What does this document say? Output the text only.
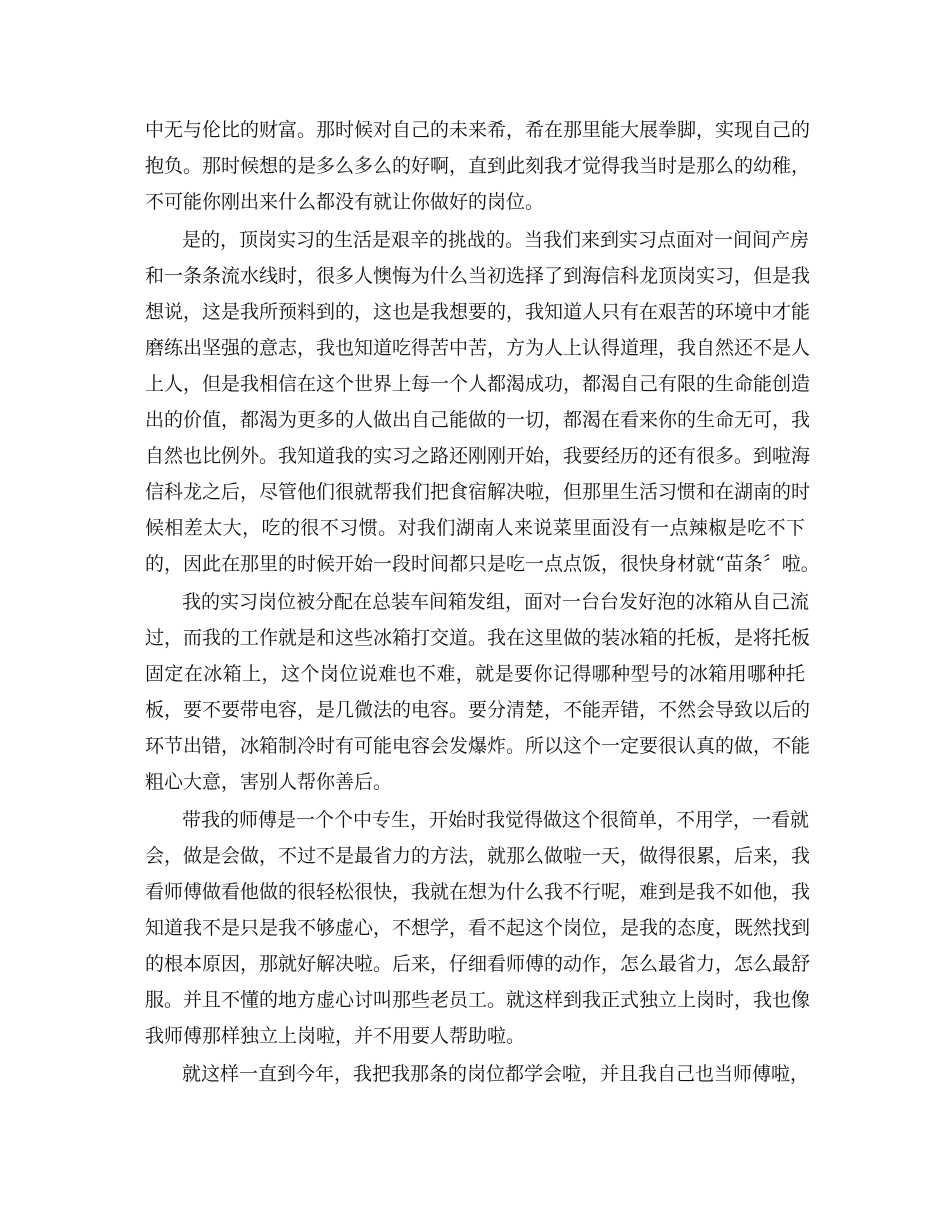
中无与伦比的财富。那时候对自己的未来希，希在那里能大展拳脚，实现自己的

抱负。那时候想的是多么多么的好啊，直到此刻我才觉得我当时是那么的幼稚，

不可能你刚出来什么都没有就让你做好的岗位。

是的，顶岗实习的生活是艰辛的挑战的。当我们来到实习点面对一间间产房

和一条条流水线时，很多人懊悔为什么当初选择了到海信科龙顶岗实习，但是我

想说，这是我所预料到的，这也是我想要的，我知道人只有在艰苦的环境中才能

磨练出坚强的意志，我也知道吃得苦中苦，方为人上认得道理，我自然还不是人

上人，但是我相信在这个世界上每一个人都渴成功，都渴自己有限的生命能创造

出的价值，都渴为更多的人做出自己能做的一切，都渴在看来你的生命无可，我

自然也比例外。我知道我的实习之路还刚刚开始，我要经历的还有很多。到啦海

信科龙之后，尽管他们很就帮我们把食宿解决啦，但那里生活习惯和在湖南的时

候相差太大，吃的很不习惯。对我们湖南人来说菜里面没有一点辣椒是吃不下

的，因此在那里的时候开始一段时间都只是吃一点点饭，很快身材就“苗条〞啦。

我的实习岗位被分配在总装车间箱发组，面对一台台发好泡的冰箱从自己流

过，而我的工作就是和这些冰箱打交道。我在这里做的装冰箱的托板，是将托板

固定在冰箱上，这个岗位说难也不难，就是要你记得哪种型号的冰箱用哪种托

板，要不要带电容，是几微法的电容。要分清楚，不能弄错，不然会导致以后的

环节出错，冰箱制冷时有可能电容会发爆炸。所以这个一定要很认真的做，不能

粗心大意，害别人帮你善后。

带我的师傅是一个个中专生，开始时我觉得做这个很简单，不用学，一看就

会，做是会做，不过不是最省力的方法，就那么做啦一天，做得很累，后来，我

看师傅做看他做的很轻松很快，我就在想为什么我不行呢，难到是我不如他，我

知道我不是只是我不够虚心，不想学，看不起这个岗位，是我的态度，既然找到

的根本原因，那就好解决啦。后来，仔细看师傅的动作，怎么最省力，怎么最舒

服。并且不懂的地方虚心讨叫那些老员工。就这样到我正式独立上岗时，我也像

我师傅那样独立上岗啦，并不用要人帮助啦。

就这样一直到今年，我把我那条的岗位都学会啦，并且我自己也当师傅啦，
